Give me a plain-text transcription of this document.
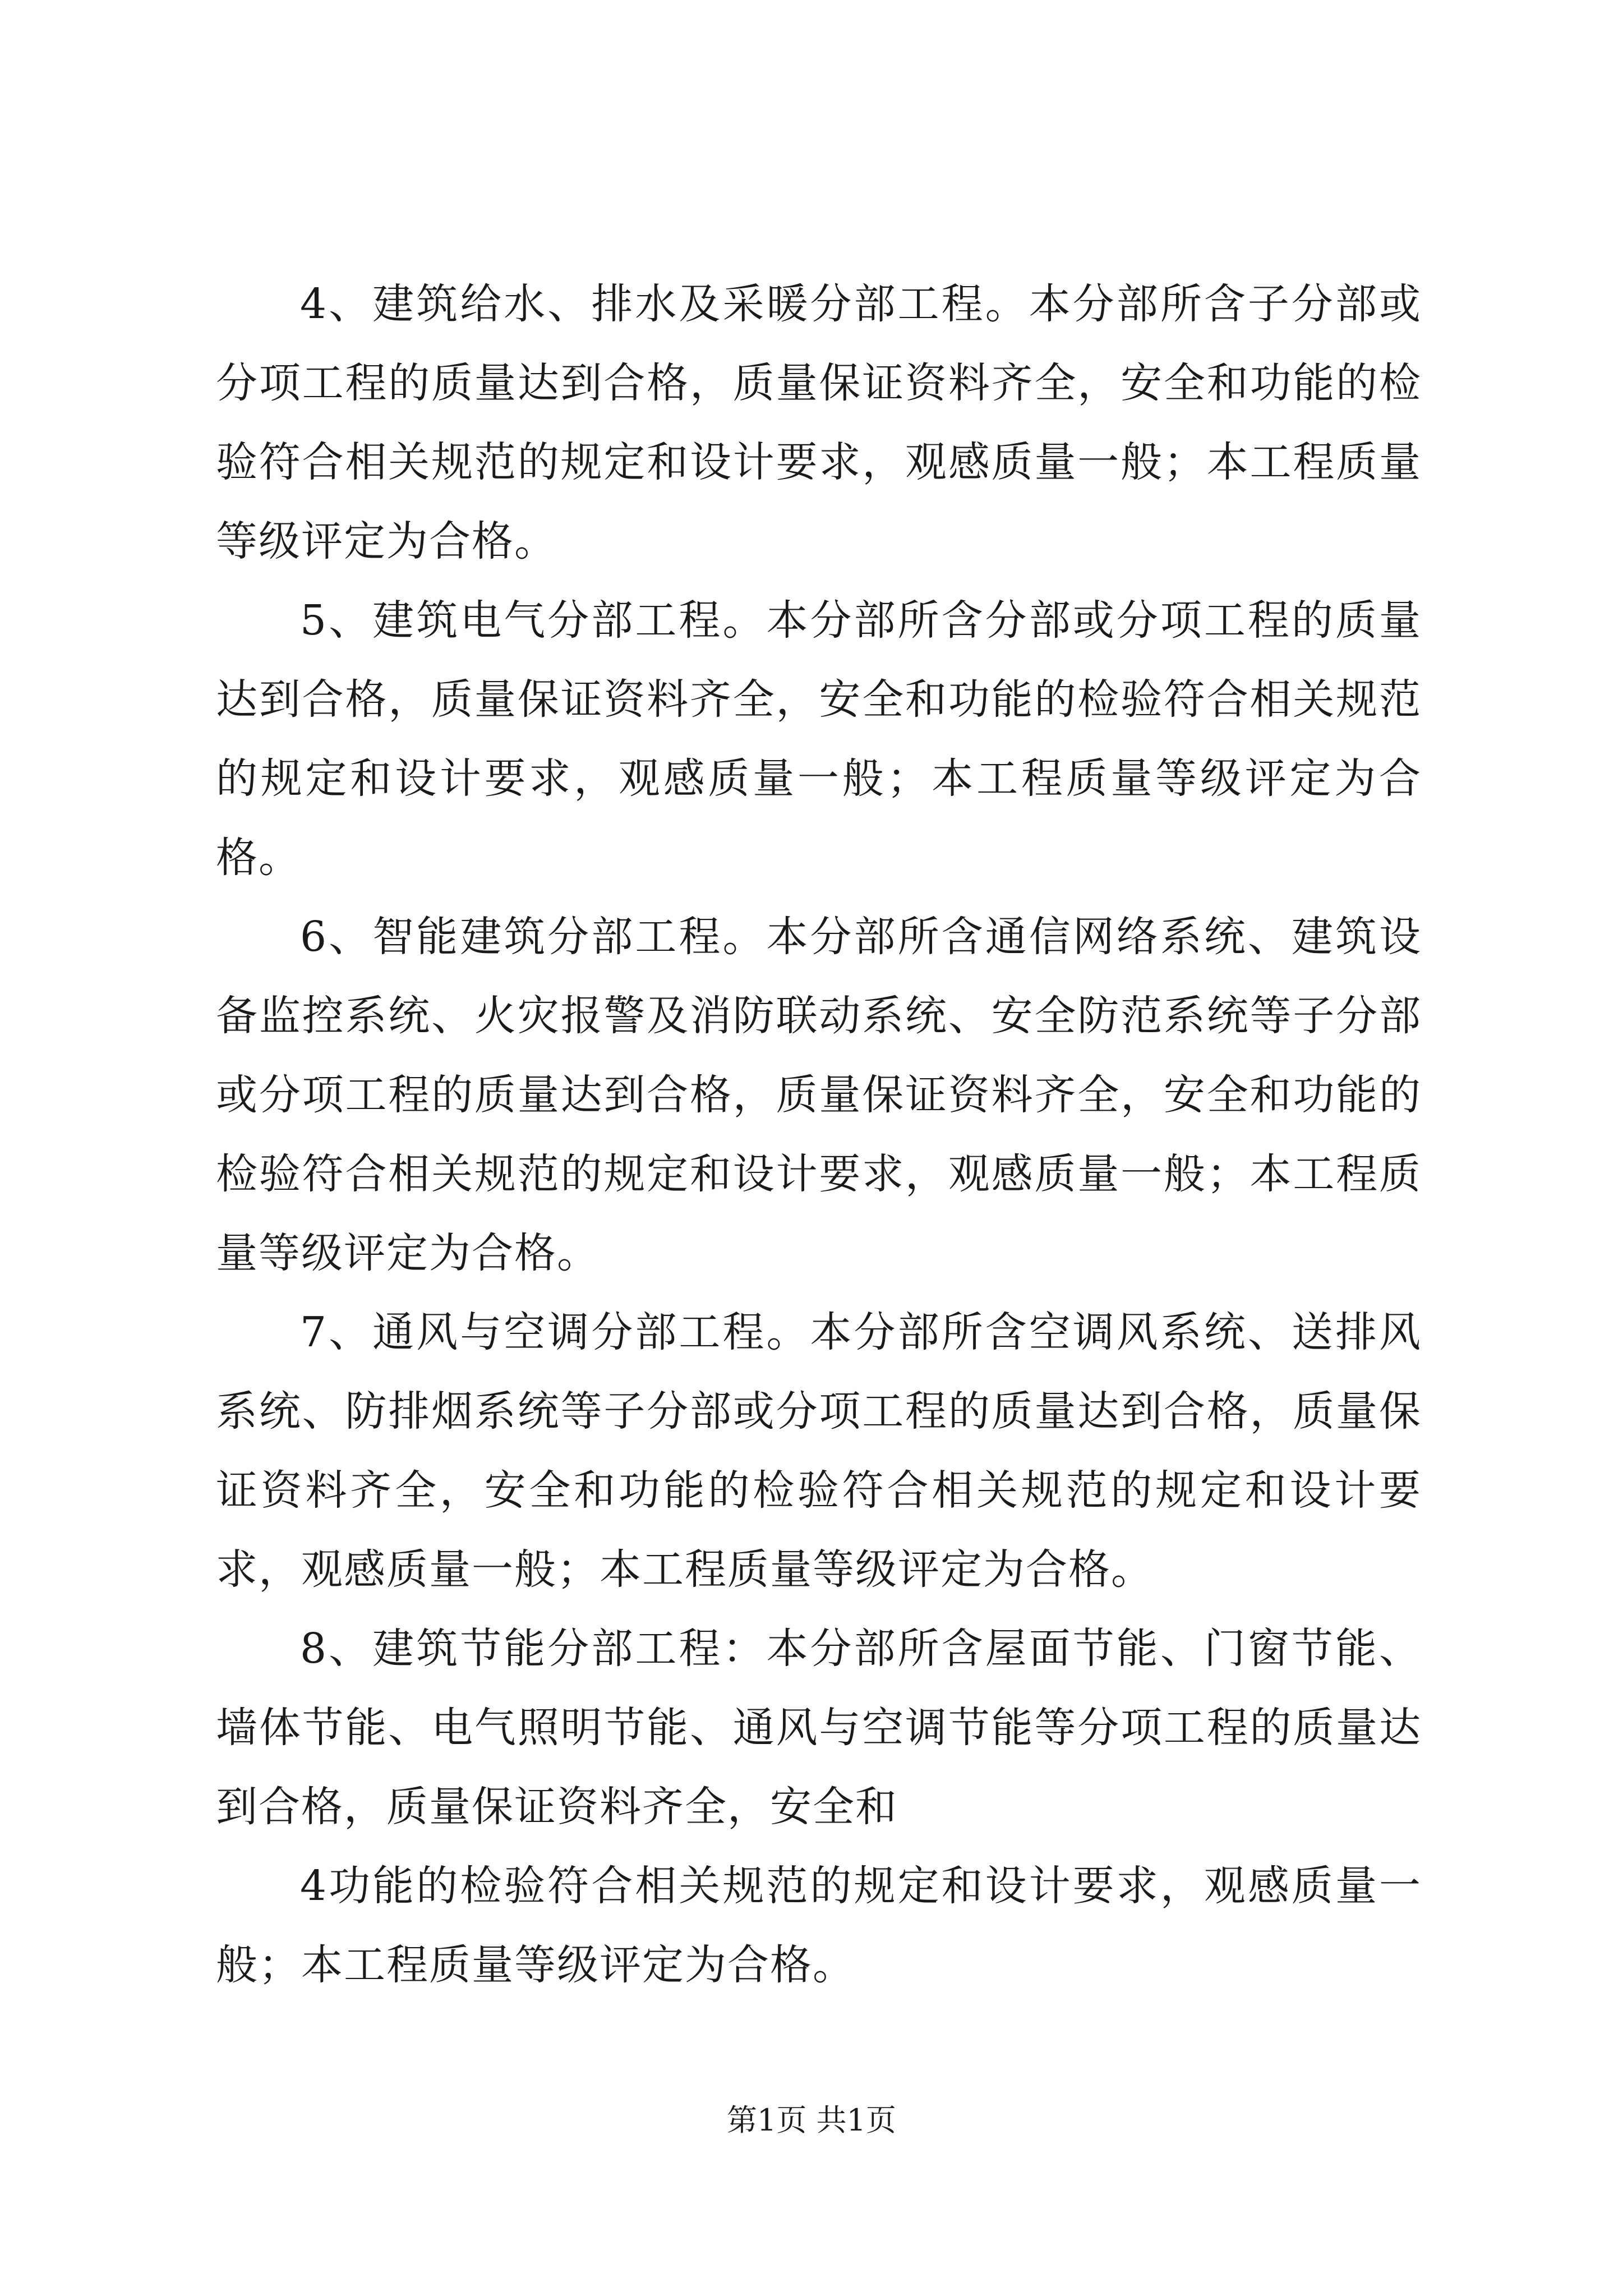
4、建筑给水、排水及采暖分部工程。本分部所含子分部或分项工程的质量达到合格，质量保证资料齐全，安全和功能的检验符合相关规范的规定和设计要求，观感质量一般；本工程质量等级评定为合格。

5、建筑电气分部工程。本分部所含分部或分项工程的质量达到合格，质量保证资料齐全，安全和功能的检验符合相关规范的规定和设计要求，观感质量一般；本工程质量等级评定为合格。

6、智能建筑分部工程。本分部所含通信网络系统、建筑设备监控系统、火灾报警及消防联动系统、安全防范系统等子分部或分项工程的质量达到合格，质量保证资料齐全，安全和功能的检验符合相关规范的规定和设计要求，观感质量一般；本工程质量等级评定为合格。

7、通风与空调分部工程。本分部所含空调风系统、送排风系统、防排烟系统等子分部或分项工程的质量达到合格，质量保证资料齐全，安全和功能的检验符合相关规范的规定和设计要求，观感质量一般；本工程质量等级评定为合格。

8、建筑节能分部工程：本分部所含屋面节能、门窗节能、墙体节能、电气照明节能、通风与空调节能等分项工程的质量达到合格，质量保证资料齐全，安全和

4功能的检验符合相关规范的规定和设计要求，观感质量一般；本工程质量等级评定为合格。

第1页 共1页
